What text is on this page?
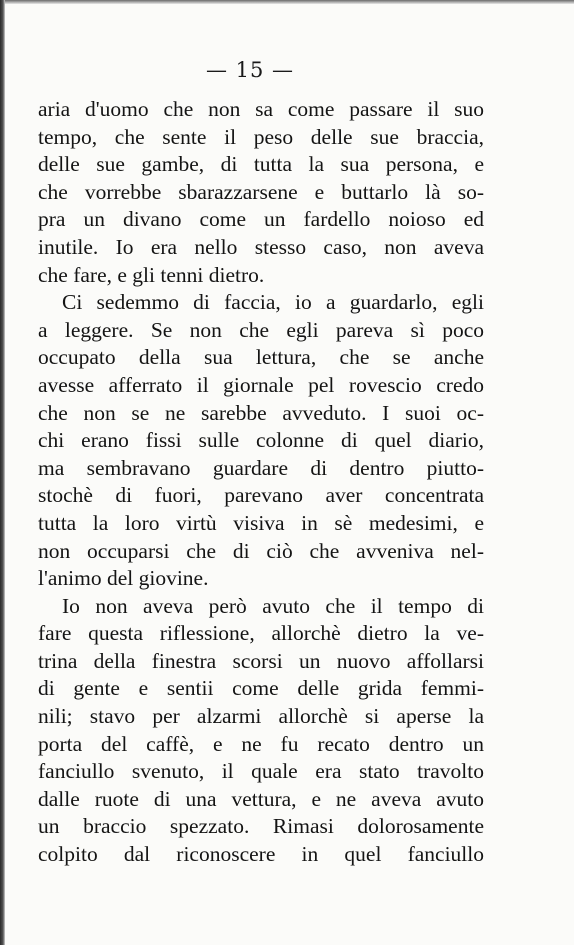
— 15 —
aria d'uomo che non sa come passare il suo
tempo, che sente il peso delle sue braccia,
delle sue gambe, di tutta la sua persona, e
che vorrebbe sbarazzarsene e buttarlo là so-
pra un divano come un fardello noioso ed
inutile. Io era nello stesso caso, non aveva
che fare, e gli tenni dietro.
Ci sedemmo di faccia, io a guardarlo, egli
a leggere. Se non che egli pareva sì poco
occupato della sua lettura, che se anche
avesse afferrato il giornale pel rovescio credo
che non se ne sarebbe avveduto. I suoi oc-
chi erano fissi sulle colonne di quel diario,
ma sembravano guardare di dentro piutto-
stochè di fuori, parevano aver concentrata
tutta la loro virtù visiva in sè medesimi, e
non occuparsi che di ciò che avveniva nel-
l'animo del giovine.
Io non aveva però avuto che il tempo di
fare questa riflessione, allorchè dietro la ve-
trina della finestra scorsi un nuovo affollarsi
di gente e sentii come delle grida femmi-
nili; stavo per alzarmi allorchè si aperse la
porta del caffè, e ne fu recato dentro un
fanciullo svenuto, il quale era stato travolto
dalle ruote di una vettura, e ne aveva avuto
un braccio spezzato. Rimasi dolorosamente
colpito dal riconoscere in quel fanciullo
